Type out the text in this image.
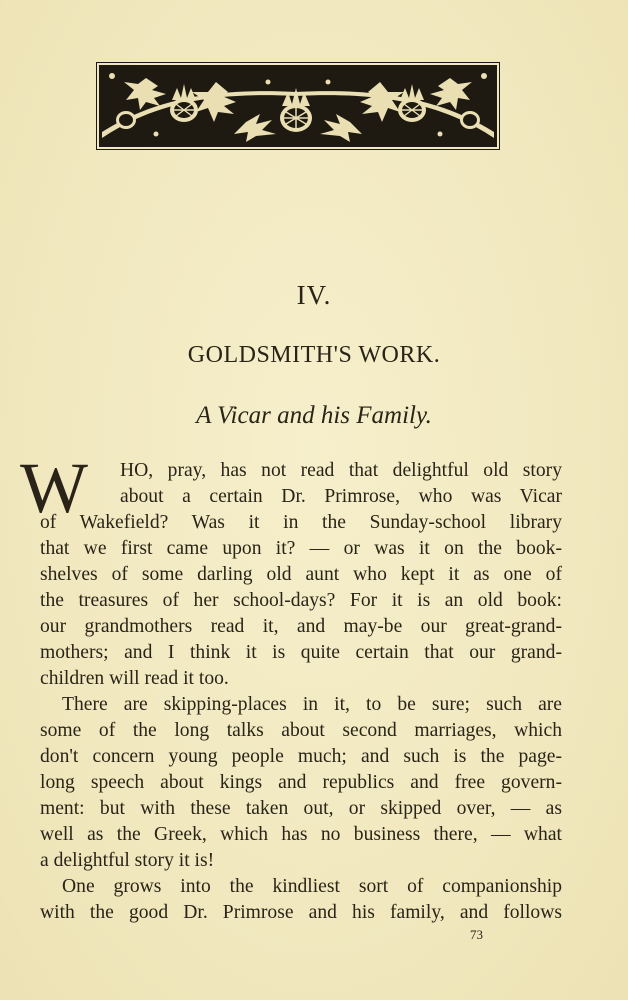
IV.
GOLDSMITH'S WORK.
A Vicar and his Family.
W	HO, pray, has not read that delightful old story
about a certain Dr. Primrose, who was Vicar
of Wakefield? Was it in the Sunday-school library
that we first came upon it? — or was it on the book-
shelves of some darling old aunt who kept it as one of
the treasures of her school-days? For it is an old book:
our grandmothers read it, and may-be our great-grand-
mothers; and I think it is quite certain that our grand-
children will read it too.
There are skipping-places in it, to be sure; such are
some of the long talks about second marriages, which
don't concern young people much; and such is the page-
long speech about kings and republics and free govern-
ment: but with these taken out, or skipped over, — as
well as the Greek, which has no business there, — what
a delightful story it is!
One grows into the kindliest sort of companionship
with the good Dr. Primrose and his family, and follows
73
